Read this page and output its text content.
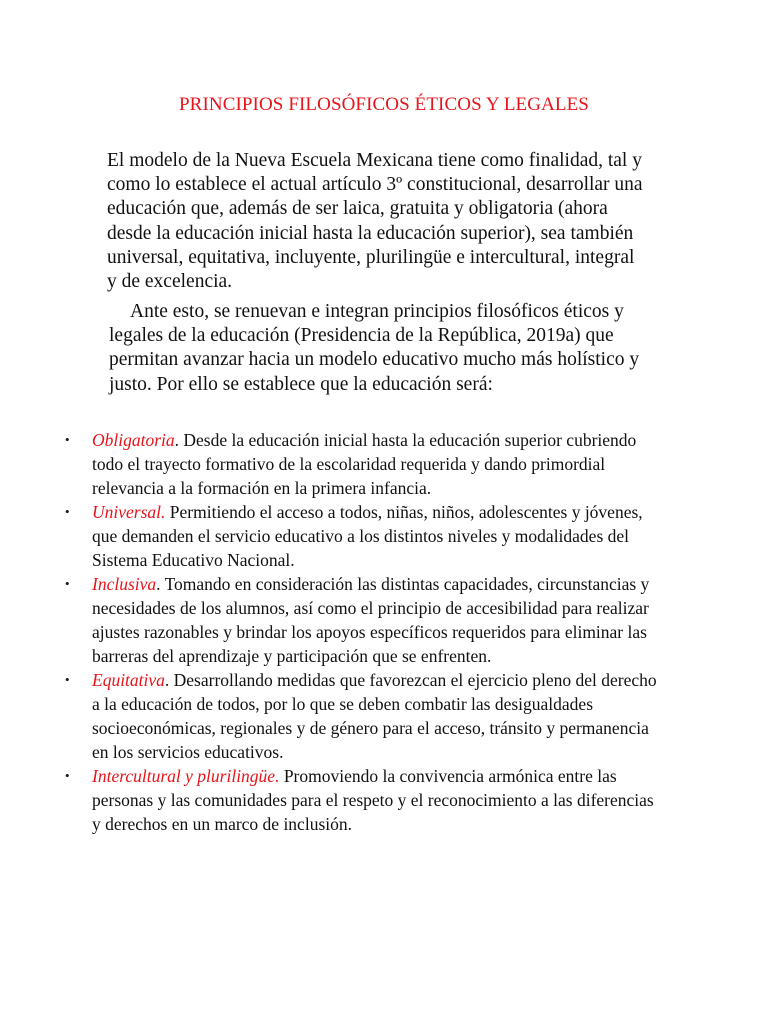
PRINCIPIOS FILOSÓFICOS ÉTICOS Y LEGALES

El modelo de la Nueva Escuela Mexicana tiene como finalidad, tal y como lo establece el actual artículo 3º constitucional, desarrollar una educación que, además de ser laica, gratuita y obligatoria (ahora desde la educación inicial hasta la educación superior), sea también universal, equitativa, incluyente, plurilingüe e intercultural, integral y de excelencia.

Ante esto, se renuevan e integran principios filosóficos éticos y legales de la educación (Presidencia de la República, 2019a) que permitan avanzar hacia un modelo educativo mucho más holístico y justo. Por ello se establece que la educación será:

• Obligatoria. Desde la educación inicial hasta la educación superior cubriendo todo el trayecto formativo de la escolaridad requerida y dando primordial relevancia a la formación en la primera infancia.
• Universal. Permitiendo el acceso a todos, niñas, niños, adolescentes y jóvenes, que demanden el servicio educativo a los distintos niveles y modalidades del Sistema Educativo Nacional.
• Inclusiva. Tomando en consideración las distintas capacidades, circunstancias y necesidades de los alumnos, así como el principio de accesibilidad para realizar ajustes razonables y brindar los apoyos específicos requeridos para eliminar las barreras del aprendizaje y participación que se enfrenten.
• Equitativa. Desarrollando medidas que favorezcan el ejercicio pleno del derecho a la educación de todos, por lo que se deben combatir las desigualdades socioeconómicas, regionales y de género para el acceso, tránsito y permanencia en los servicios educativos.
• Intercultural y plurilingüe. Promoviendo la convivencia armónica entre las personas y las comunidades para el respeto y el reconocimiento a las diferencias y derechos en un marco de inclusión.
